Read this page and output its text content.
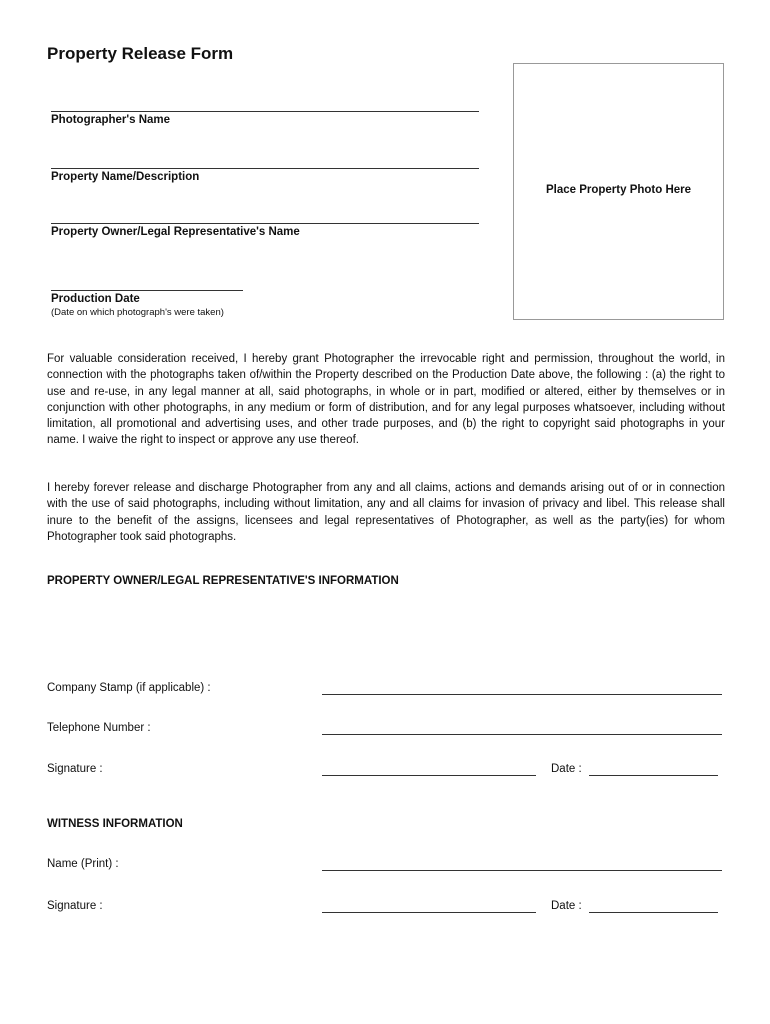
Property Release Form
Photographer's Name
Property Name/Description
Property Owner/Legal Representative's Name
Production Date
(Date on which photograph's were taken)
Place Property Photo Here

For valuable consideration received, I hereby grant Photographer the irrevocable right and permission, throughout the world, in connection with the photographs taken of/within the Property described on the Production Date above, the following : (a) the right to use and re-use, in any legal manner at all, said photographs, in whole or in part, modified or altered, either by themselves or in conjunction with other photographs, in any medium or form of distribution, and for any legal purposes whatsoever, including without limitation, all promotional and advertising uses, and other trade purposes, and (b) the right to copyright said photographs in your name. I waive the right to inspect or approve any use thereof.

I hereby forever release and discharge Photographer from any and all claims, actions and demands arising out of or in connection with the use of said photographs, including without limitation, any and all claims for invasion of privacy and libel. This release shall inure to the benefit of the assigns, licensees and legal representatives of Photographer, as well as the party(ies) for whom Photographer took said photographs.

PROPERTY OWNER/LEGAL REPRESENTATIVE'S INFORMATION
Company Stamp (if applicable) :
Telephone Number :
Signature :	Date :
WITNESS INFORMATION
Name (Print) :
Signature :	Date :
